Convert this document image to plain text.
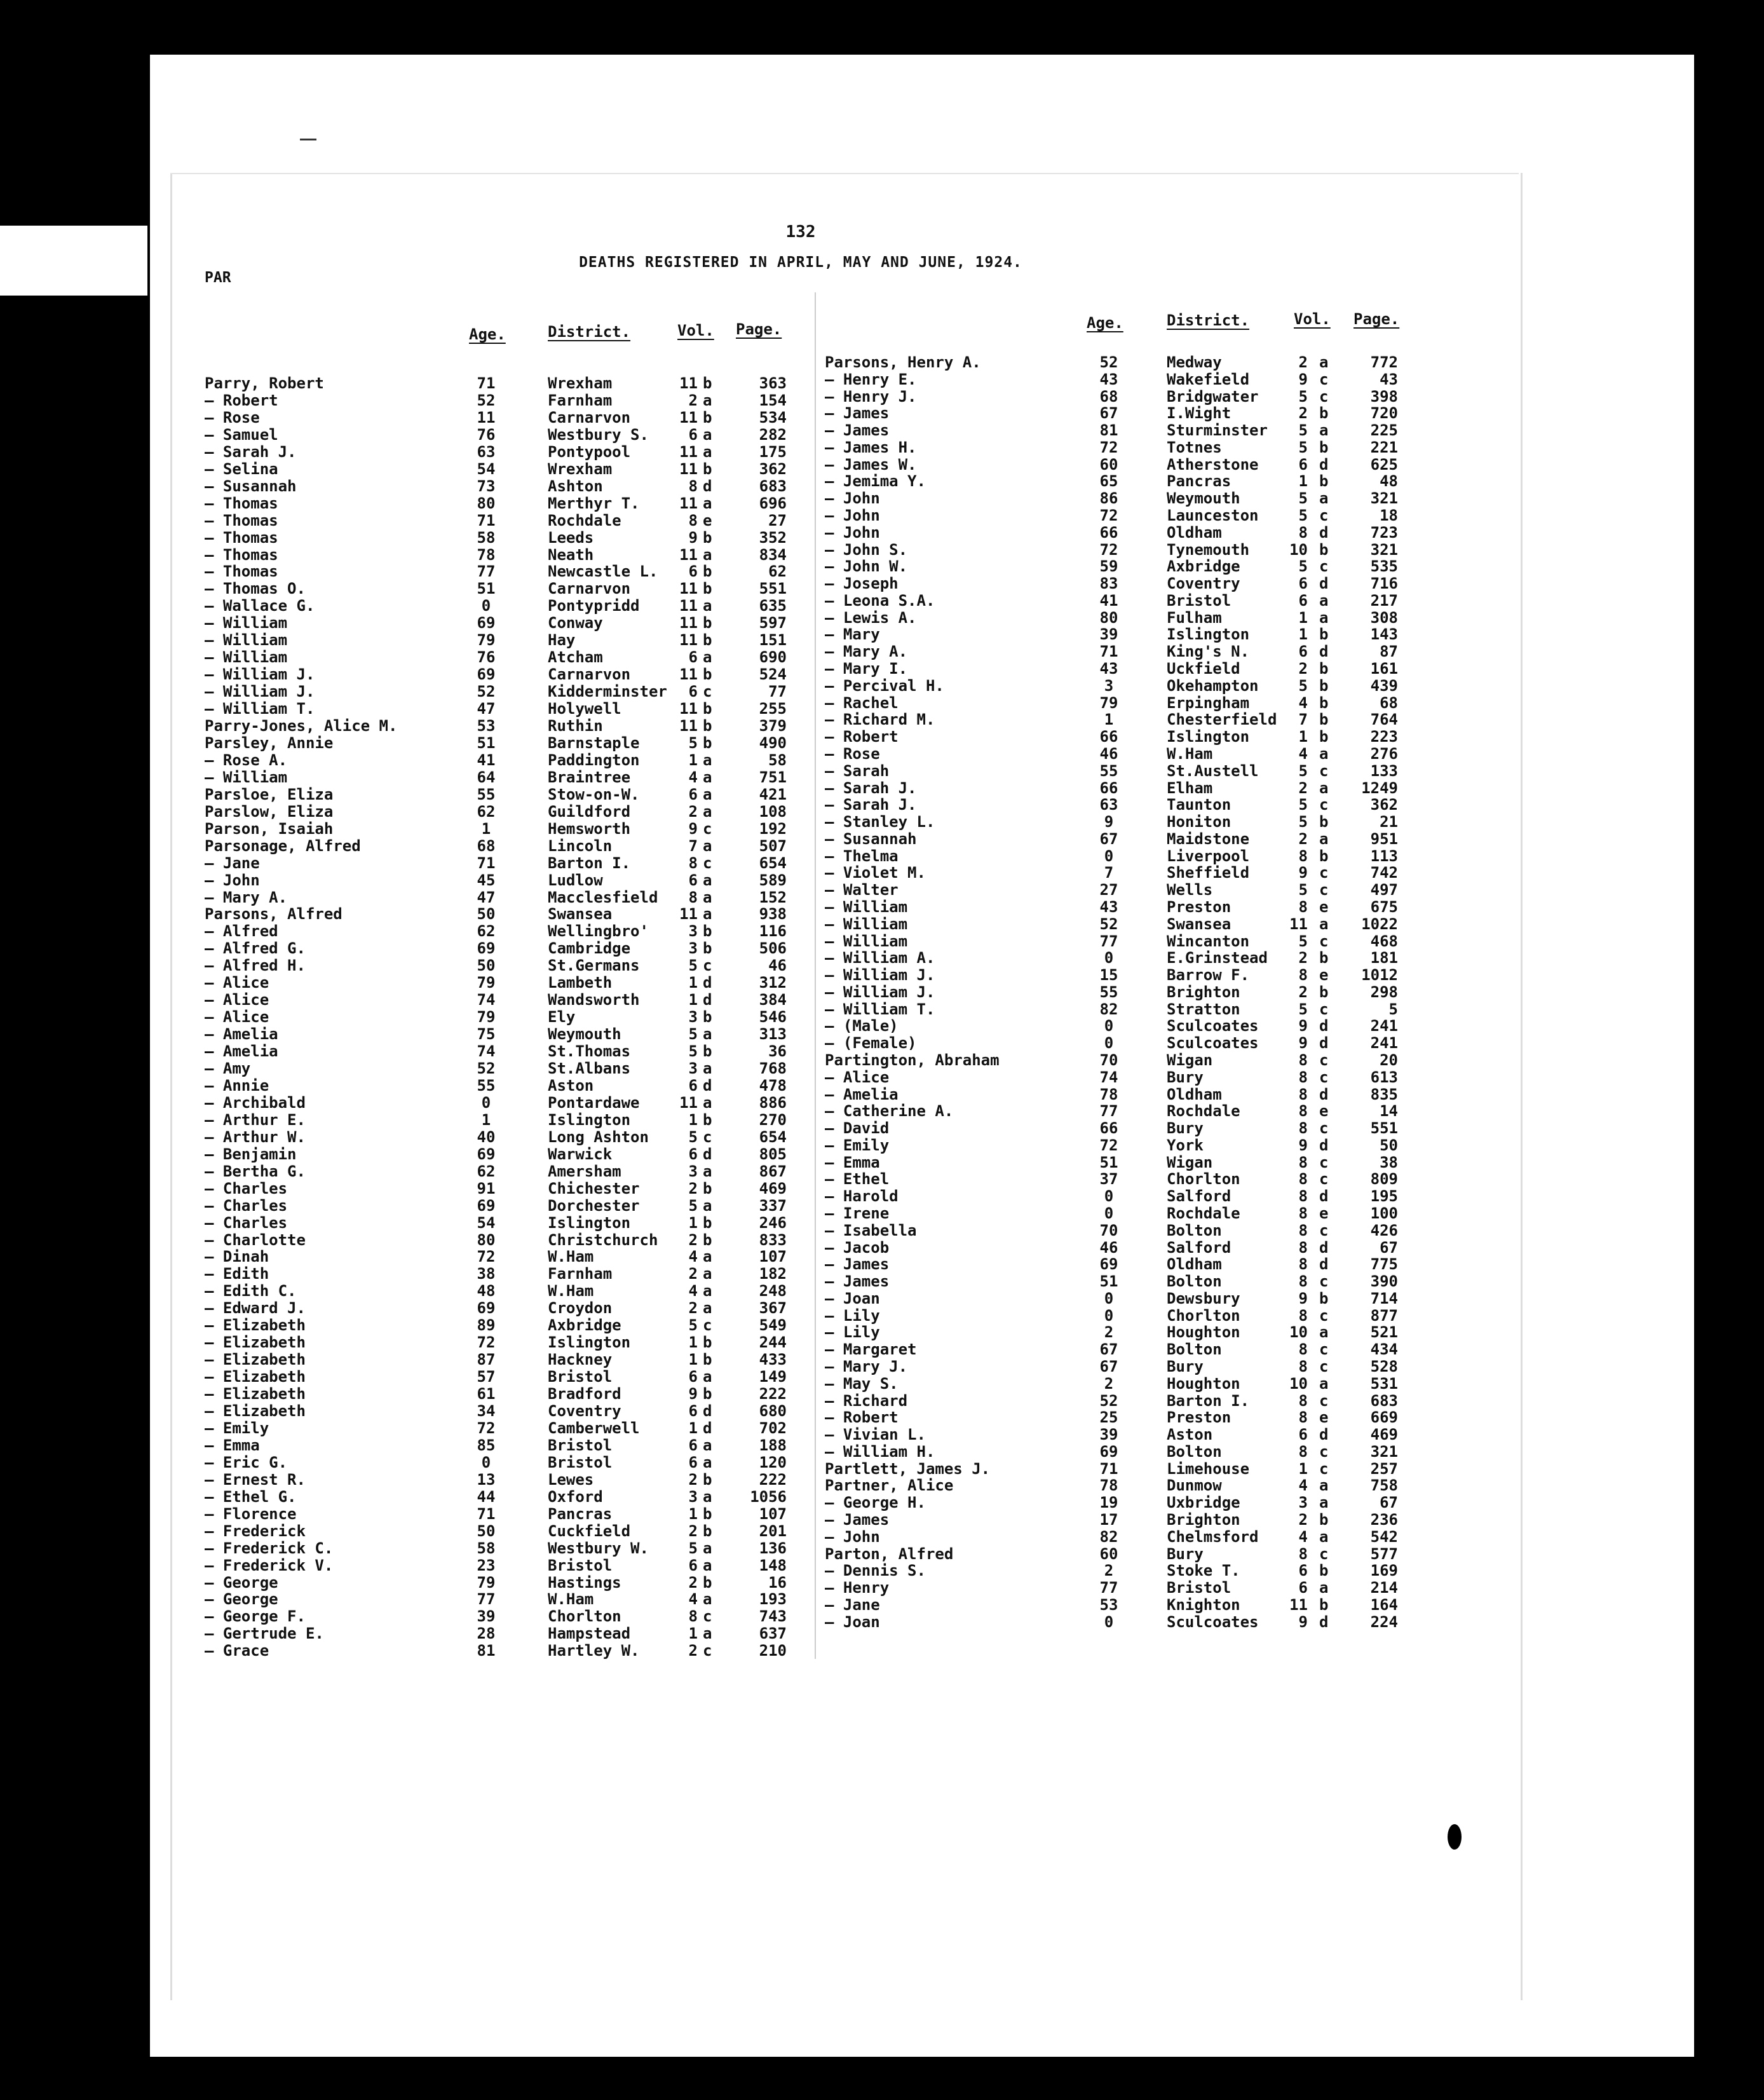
132
DEATHS REGISTERED IN APRIL, MAY AND JUNE, 1924.
PAR
Age.	District.	Vol. Page.
Parry, Robert	71	Wrexham	11 b	363
— Robert	52	Farnham	2 a	154
— Rose	11	Carnarvon	11 b	534
— Samuel	76	Westbury S.	6 a	282
— Sarah J.	63	Pontypool	11 a	175
— Selina	54	Wrexham	11 b	362
— Susannah	73	Ashton	8 d	683
— Thomas	80	Merthyr T.	11 a	696
— Thomas	71	Rochdale	8 e	27
— Thomas	58	Leeds	9 b	352
— Thomas	78	Neath	11 a	834
— Thomas	77	Newcastle L.	6 b	62
— Thomas O.	51	Carnarvon	11 b	551
— Wallace G.	0	Pontypridd	11 a	635
— William	69	Conway	11 b	597
— William	79	Hay	11 b	151
— William	76	Atcham	6 a	690
— William J.	69	Carnarvon	11 b	524
— William J.	52	Kidderminster	6 c	77
— William T.	47	Holywell	11 b	255
Parry-Jones, Alice M.	53	Ruthin	11 b	379
Parsley, Annie	51	Barnstaple	5 b	490
— Rose A.	41	Paddington	1 a	58
— William	64	Braintree	4 a	751
Parsloe, Eliza	55	Stow-on-W.	6 a	421
Parslow, Eliza	62	Guildford	2 a	108
Parson, Isaiah	1	Hemsworth	9 c	192
Parsonage, Alfred	68	Lincoln	7 a	507
— Jane	71	Barton I.	8 c	654
— John	45	Ludlow	6 a	589
— Mary A.	47	Macclesfield	8 a	152
Parsons, Alfred	50	Swansea	11 a	938
— Alfred	62	Wellingbro'	3 b	116
— Alfred G.	69	Cambridge	3 b	506
— Alfred H.	50	St.Germans	5 c	46
— Alice	79	Lambeth	1 d	312
— Alice	74	Wandsworth	1 d	384
— Alice	79	Ely	3 b	546
— Amelia	75	Weymouth	5 a	313
— Amelia	74	St.Thomas	5 b	36
— Amy	52	St.Albans	3 a	768
— Annie	55	Aston	6 d	478
— Archibald	0	Pontardawe	11 a	886
— Arthur E.	1	Islington	1 b	270
— Arthur W.	40	Long Ashton	5 c	654
— Benjamin	69	Warwick	6 d	805
— Bertha G.	62	Amersham	3 a	867
— Charles	91	Chichester	2 b	469
— Charles	69	Dorchester	5 a	337
— Charles	54	Islington	1 b	246
— Charlotte	80	Christchurch	2 b	833
— Dinah	72	W.Ham	4 a	107
— Edith	38	Farnham	2 a	182
— Edith C.	48	W.Ham	4 a	248
— Edward J.	69	Croydon	2 a	367
— Elizabeth	89	Axbridge	5 c	549
— Elizabeth	72	Islington	1 b	244
— Elizabeth	87	Hackney	1 b	433
— Elizabeth	57	Bristol	6 a	149
— Elizabeth	61	Bradford	9 b	222
— Elizabeth	34	Coventry	6 d	680
— Emily	72	Camberwell	1 d	702
— Emma	85	Bristol	6 a	188
— Eric G.	0	Bristol	6 a	120
— Ernest R.	13	Lewes	2 b	222
— Ethel G.	44	Oxford	3 a	1056
— Florence	71	Pancras	1 b	107
— Frederick	50	Cuckfield	2 b	201
— Frederick C.	58	Westbury W.	5 a	136
— Frederick V.	23	Bristol	6 a	148
— George	79	Hastings	2 b	16
— George	77	W.Ham	4 a	193
— George F.	39	Chorlton	8 c	743
— Gertrude E.	28	Hampstead	1 a	637
— Grace	81	Hartley W.	2 c	210
Age.	District.	Vol. Page.
Parsons, Henry A.	52	Medway	2 a	772
— Henry E.	43	Wakefield	9 c	43
— Henry J.	68	Bridgwater	5 c	398
— James	67	I.Wight	2 b	720
— James	81	Sturminster	5 a	225
— James H.	72	Totnes	5 b	221
— James W.	60	Atherstone	6 d	625
— Jemima Y.	65	Pancras	1 b	48
— John	86	Weymouth	5 a	321
— John	72	Launceston	5 c	18
— John	66	Oldham	8 d	723
— John S.	72	Tynemouth	10 b	321
— John W.	59	Axbridge	5 c	535
— Joseph	83	Coventry	6 d	716
— Leona S.A.	41	Bristol	6 a	217
— Lewis A.	80	Fulham	1 a	308
— Mary	39	Islington	1 b	143
— Mary A.	71	King's N.	6 d	87
— Mary I.	43	Uckfield	2 b	161
— Percival H.	3	Okehampton	5 b	439
— Rachel	79	Erpingham	4 b	68
— Richard M.	1	Chesterfield	7 b	764
— Robert	66	Islington	1 b	223
— Rose	46	W.Ham	4 a	276
— Sarah	55	St.Austell	5 c	133
— Sarah J.	66	Elham	2 a	1249
— Sarah J.	63	Taunton	5 c	362
— Stanley L.	9	Honiton	5 b	21
— Susannah	67	Maidstone	2 a	951
— Thelma	0	Liverpool	8 b	113
— Violet M.	7	Sheffield	9 c	742
— Walter	27	Wells	5 c	497
— William	43	Preston	8 e	675
— William	52	Swansea	11 a	1022
— William	77	Wincanton	5 c	468
— William A.	0	E.Grinstead	2 b	181
— William J.	15	Barrow F.	8 e	1012
— William J.	55	Brighton	2 b	298
— William T.	82	Stratton	5 c	5
— (Male)	0	Sculcoates	9 d	241
— (Female)	0	Sculcoates	9 d	241
Partington, Abraham	70	Wigan	8 c	20
— Alice	74	Bury	8 c	613
— Amelia	78	Oldham	8 d	835
— Catherine A.	77	Rochdale	8 e	14
— David	66	Bury	8 c	551
— Emily	72	York	9 d	50
— Emma	51	Wigan	8 c	38
— Ethel	37	Chorlton	8 c	809
— Harold	0	Salford	8 d	195
— Irene	0	Rochdale	8 e	100
— Isabella	70	Bolton	8 c	426
— Jacob	46	Salford	8 d	67
— James	69	Oldham	8 d	775
— James	51	Bolton	8 c	390
— Joan	0	Dewsbury	9 b	714
— Lily	0	Chorlton	8 c	877
— Lily	2	Houghton	10 a	521
— Margaret	67	Bolton	8 c	434
— Mary J.	67	Bury	8 c	528
— May S.	2	Houghton	10 a	531
— Richard	52	Barton I.	8 c	683
— Robert	25	Preston	8 e	669
— Vivian L.	39	Aston	6 d	469
— William H.	69	Bolton	8 c	321
Partlett, James J.	71	Limehouse	1 c	257
Partner, Alice	78	Dunmow	4 a	758
— George H.	19	Uxbridge	3 a	67
— James	17	Brighton	2 b	236
— John	82	Chelmsford	4 a	542
Parton, Alfred	60	Bury	8 c	577
— Dennis S.	2	Stoke T.	6 b	169
— Henry	77	Bristol	6 a	214
— Jane	53	Knighton	11 b	164
— Joan	0	Sculcoates	9 d	224
